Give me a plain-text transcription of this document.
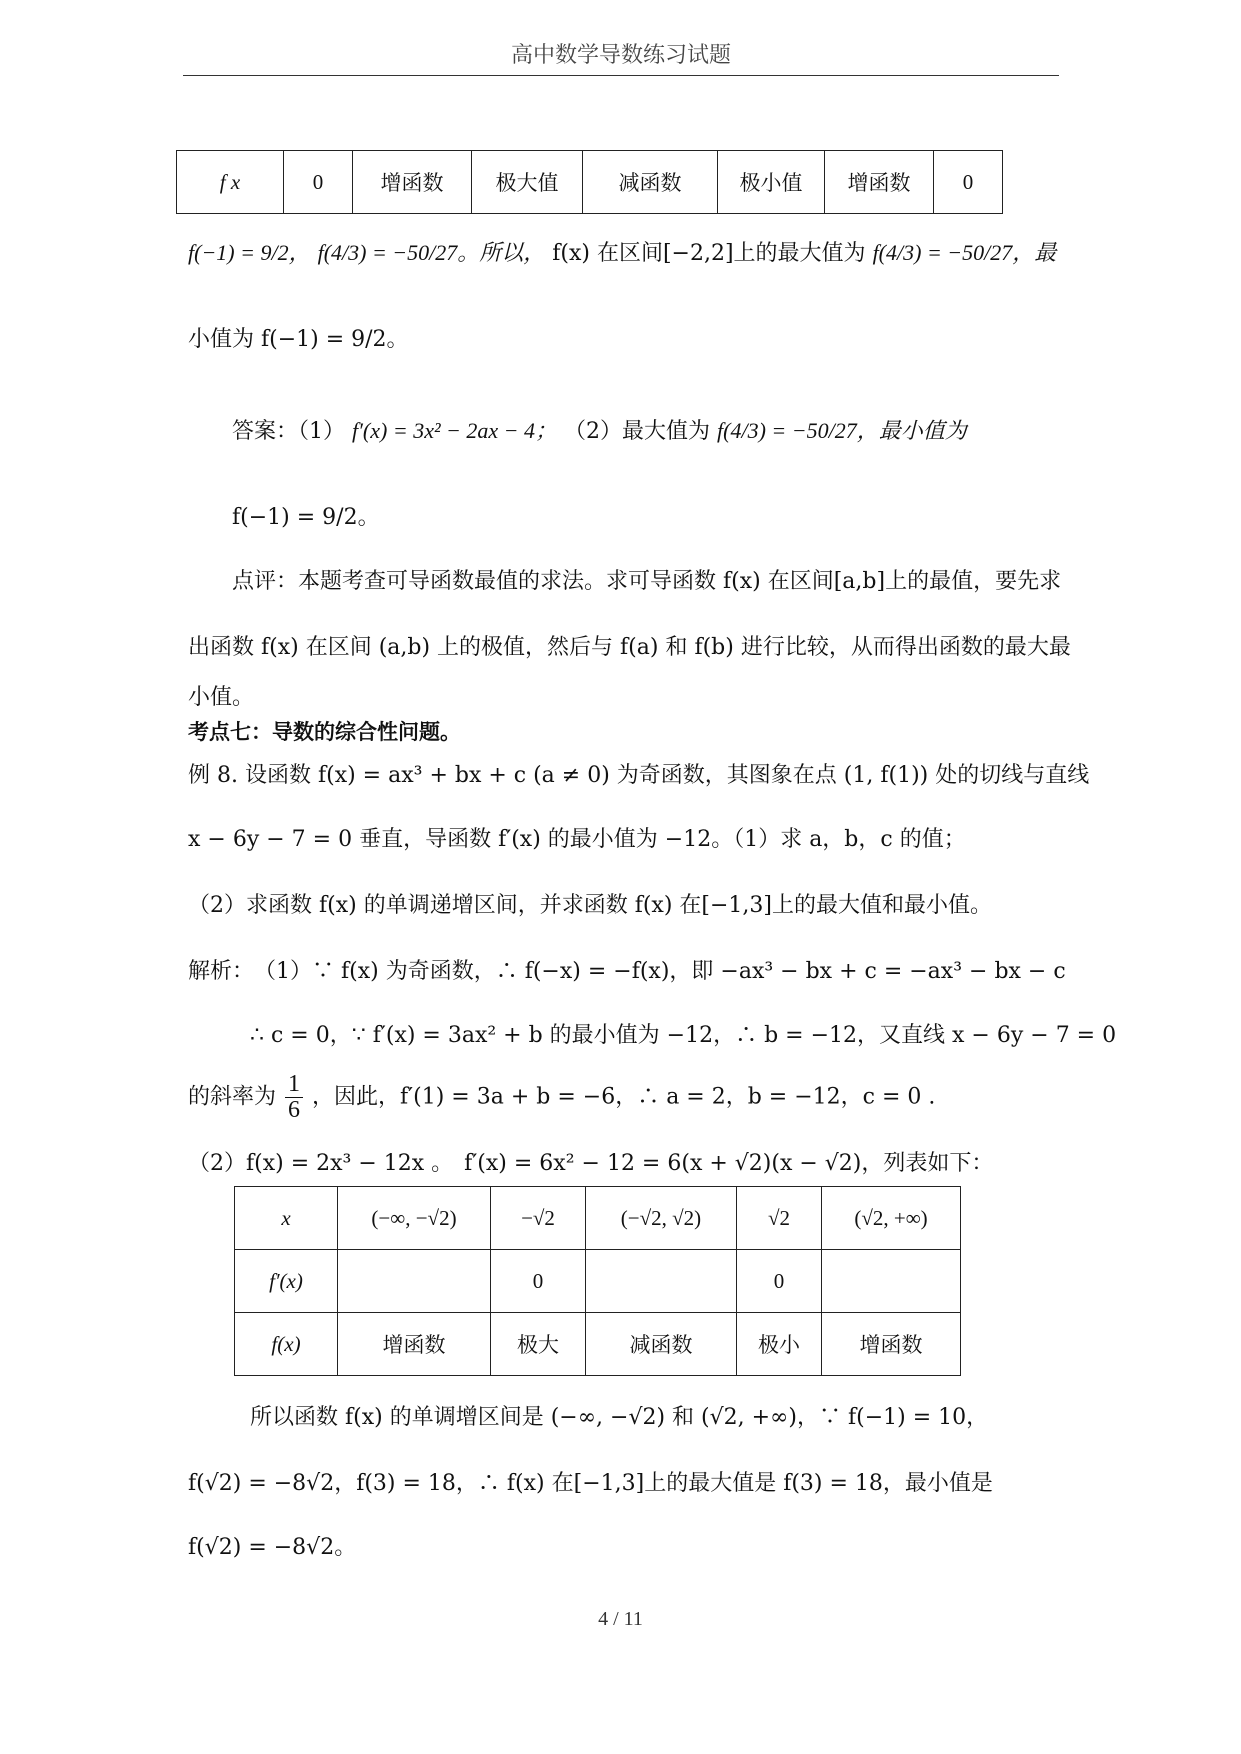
高中数学导数练习试题
f x	0	增函数	极大值	减函数	极小值	增函数	0
f(−1) = 9/2， f(4/3) = −50/27。所以， f(x) 在区间[−2,2]上的最大值为 f(4/3) = −50/27，最
小值为 f(−1) = 9/2。
答案：（1） f′(x) = 3x² − 2ax − 4； （2）最大值为 f(4/3) = −50/27，最小值为
f(−1) = 9/2。
点评：本题考查可导函数最值的求法。求可导函数 f(x) 在区间[a,b]上的最值，要先求
出函数 f(x) 在区间 (a,b) 上的极值，然后与 f(a) 和 f(b) 进行比较，从而得出函数的最大最
小值。
考点七：导数的综合性问题。
例 8. 设函数 f(x) = ax³ + bx + c (a ≠ 0) 为奇函数，其图象在点 (1, f(1)) 处的切线与直线
x − 6y − 7 = 0 垂直，导函数 f′(x) 的最小值为 −12。（1）求 a，b，c 的值；
（2）求函数 f(x) 的单调递增区间，并求函数 f(x) 在[−1,3]上的最大值和最小值。
解析：　（1）∵ f(x) 为奇函数，∴ f(−x) = −f(x)，即 −ax³ − bx + c = −ax³ − bx − c
∴ c = 0，∵ f′(x) = 3ax² + b 的最小值为 −12，∴ b = −12，又直线 x − 6y − 7 = 0
的斜率为 $\frac{1}{6}$ ，因此，f′(1) = 3a + b = −6，∴ a = 2，b = −12，c = 0 .
（2）f(x) = 2x³ − 12x 。　f′(x) = 6x² − 12 = 6(x + √2)(x − √2)，列表如下：
x	(−∞, −√2)	−√2	(−√2, √2)	√2	(√2, +∞)
f′(x)		0		0	
f(x)	增函数	极大	减函数	极小	增函数
所以函数 f(x) 的单调增区间是 (−∞, −√2) 和 (√2, +∞)，∵ f(−1) = 10，
f(√2) = −8√2，f(3) = 18，∴ f(x) 在[−1,3]上的最大值是 f(3) = 18，最小值是
f(√2) = −8√2。
4 / 11
